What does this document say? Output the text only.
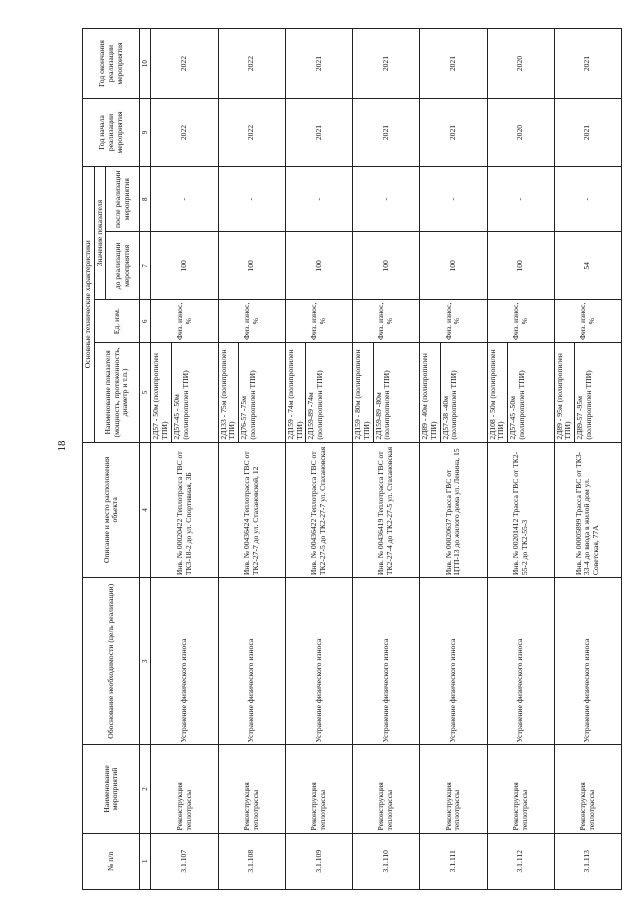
18
№ п/п	Наименование мероприятий	Обоснование необходимости (цель реализации)	Описание и место расположения объекта	Основные технические характеристики				Год начала реализации мероприятия	Год окончания реализации мероприятия
				Наименование показателя (мощность, протяженность, диаметр и т.п.)	Ед. изм.	Значение показателя			
						до реализации мероприятия	после реализации мероприятия		
1	2	3	4	5	6	7	8	9	10
3.1.107	Реконструкция теплотрассы	Устранение физического износа	Инв. № 00020422 Теплотрасса ГВС от ТК3-18-2 до ул. Спортивная, 3Б	2Д57 - 50м (полипропилен ТПИ) 2Д57-45 - 50м (полипропилен ТПИ)	Физ. износ, %	100	-	2022	2022
3.1.108	Реконструкция теплотрассы	Устранение физического износа	Инв. № 00436424 Теплотрасса ГВС от ТК2-27-7 до ул. Стахановской, 12	2Д133 - 75м (полипропилен ТПИ) 2Д76-57 -75м (полипропилен ТПИ)	Физ. износ, %	100	-	2022	2022
3.1.109	Реконструкция теплотрассы	Устранение физического износа	Инв. № 00436422 Теплотрасса ГВС от ТК2-27-5 до ТК2-27-7 ул. Стахановская	2Д159 - 74м (полипропилен ТПИ) 2Д159-89 -74м (полипропилен ТПИ)	Физ. износ, %	100	-	2021	2021
3.1.110	Реконструкция теплотрассы	Устранение физического износа	Инв. № 00436419 Теплотрасса ГВС от ТК2-27-4 до ТК2-27-5 ул. Стахановская	2Д159 - 80м (полипропилен ТПИ) 2Д159-89 -80м (полипропилен ТПИ)	Физ. износ, %	100	-	2021	2021
3.1.111	Реконструкция теплотрассы	Устранение физического износа	Инв. № 00020637 Трасса ГВС от ЦТП-13 до жилого дома ул. Ленина, 15	2Д89 - 40м (полипропилен ТПИ) 2Д57-38 -40м (полипропилен ТПИ)	Физ. износ, %	100	-	2021	2021
3.1.112	Реконструкция теплотрассы	Устранение физического износа	Инв. № 00201412 Трасса ГВС от ТК2-55-2 до ТК2-55-3	2Д108 - 50м (полипропилен ТПИ) 2Д57-45 -50м (полипропилен ТПИ)	Физ. износ, %	100	-	2020	2020
3.1.113	Реконструкция теплотрассы	Устранение физического износа	Инв. № 00005899 Трасса ГВС от ТК3-33-4 до ввода в жилой дом ул. Советская, 77А	2Д89 - 95м (полипропилен ТПИ) 2Д89-57 -95м (полипропилен ТПИ)	Физ. износ, %	54	-	2021	2021
